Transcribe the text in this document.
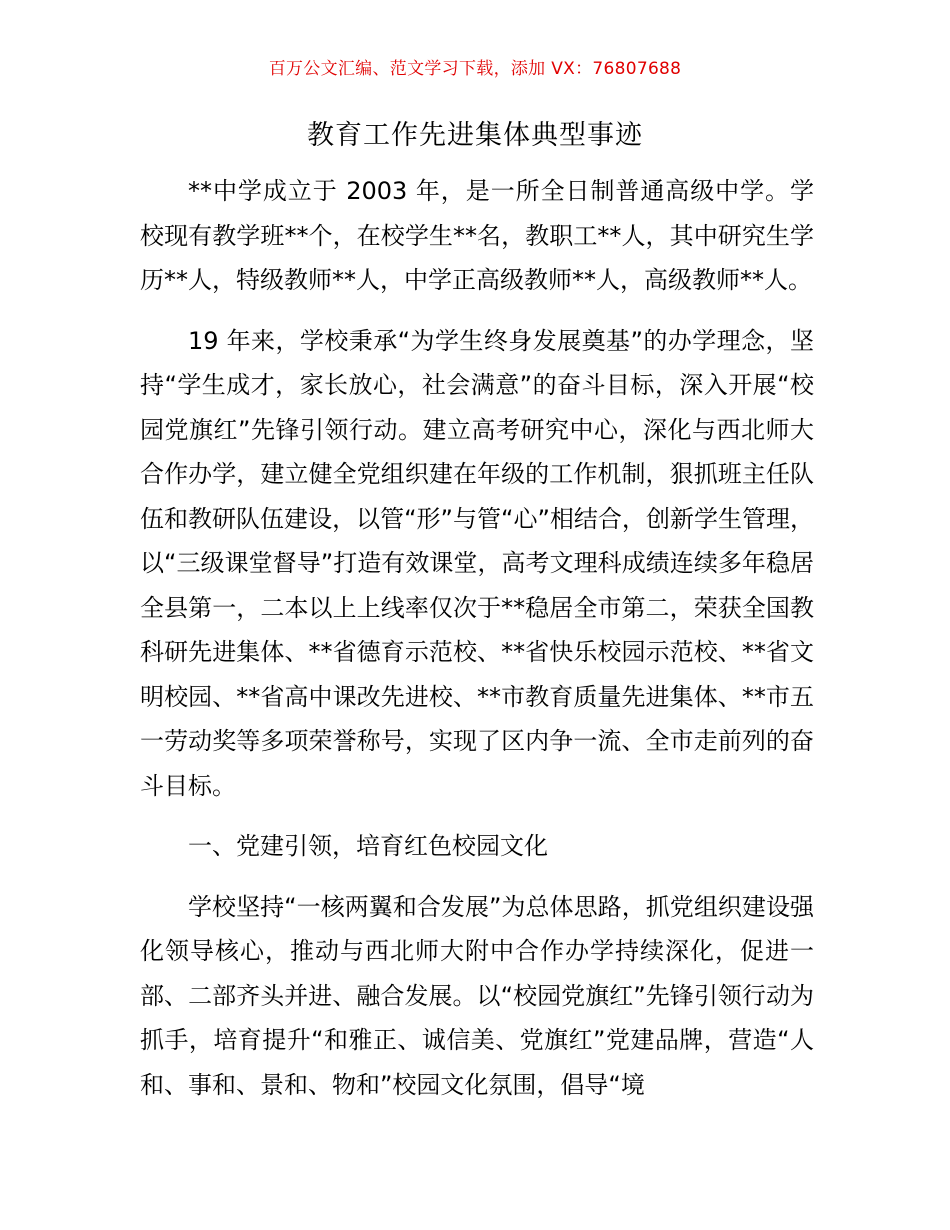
百万公文汇编、范文学习下载，添加 VX：76807688
教育工作先进集体典型事迹

**中学成立于 2003 年，是一所全日制普通高级中学。学校现有教学班**个，在校学生**名，教职工**人，其中研究生学历**人，特级教师**人，中学正高级教师**人，高级教师**人。

19 年来，学校秉承“为学生终身发展奠基”的办学理念，坚持“学生成才，家长放心，社会满意”的奋斗目标，深入开展“校园党旗红”先锋引领行动。建立高考研究中心，深化与西北师大合作办学，建立健全党组织建在年级的工作机制，狠抓班主任队伍和教研队伍建设，以管“形”与管“心”相结合，创新学生管理，以“三级课堂督导”打造有效课堂，高考文理科成绩连续多年稳居全县第一，二本以上上线率仅次于**稳居全市第二，荣获全国教科研先进集体、**省德育示范校、**省快乐校园示范校、**省文明校园、**省高中课改先进校、**市教育质量先进集体、**市五一劳动奖等多项荣誉称号，实现了区内争一流、全市走前列的奋斗目标。

一、党建引领，培育红色校园文化

学校坚持“一核两翼和合发展”为总体思路，抓党组织建设强化领导核心，推动与西北师大附中合作办学持续深化，促进一部、二部齐头并进、融合发展。以“校园党旗红”先锋引领行动为抓手，培育提升“和雅正、诚信美、党旗红”党建品牌，营造“人和、事和、景和、物和”校园文化氛围，倡导“境
